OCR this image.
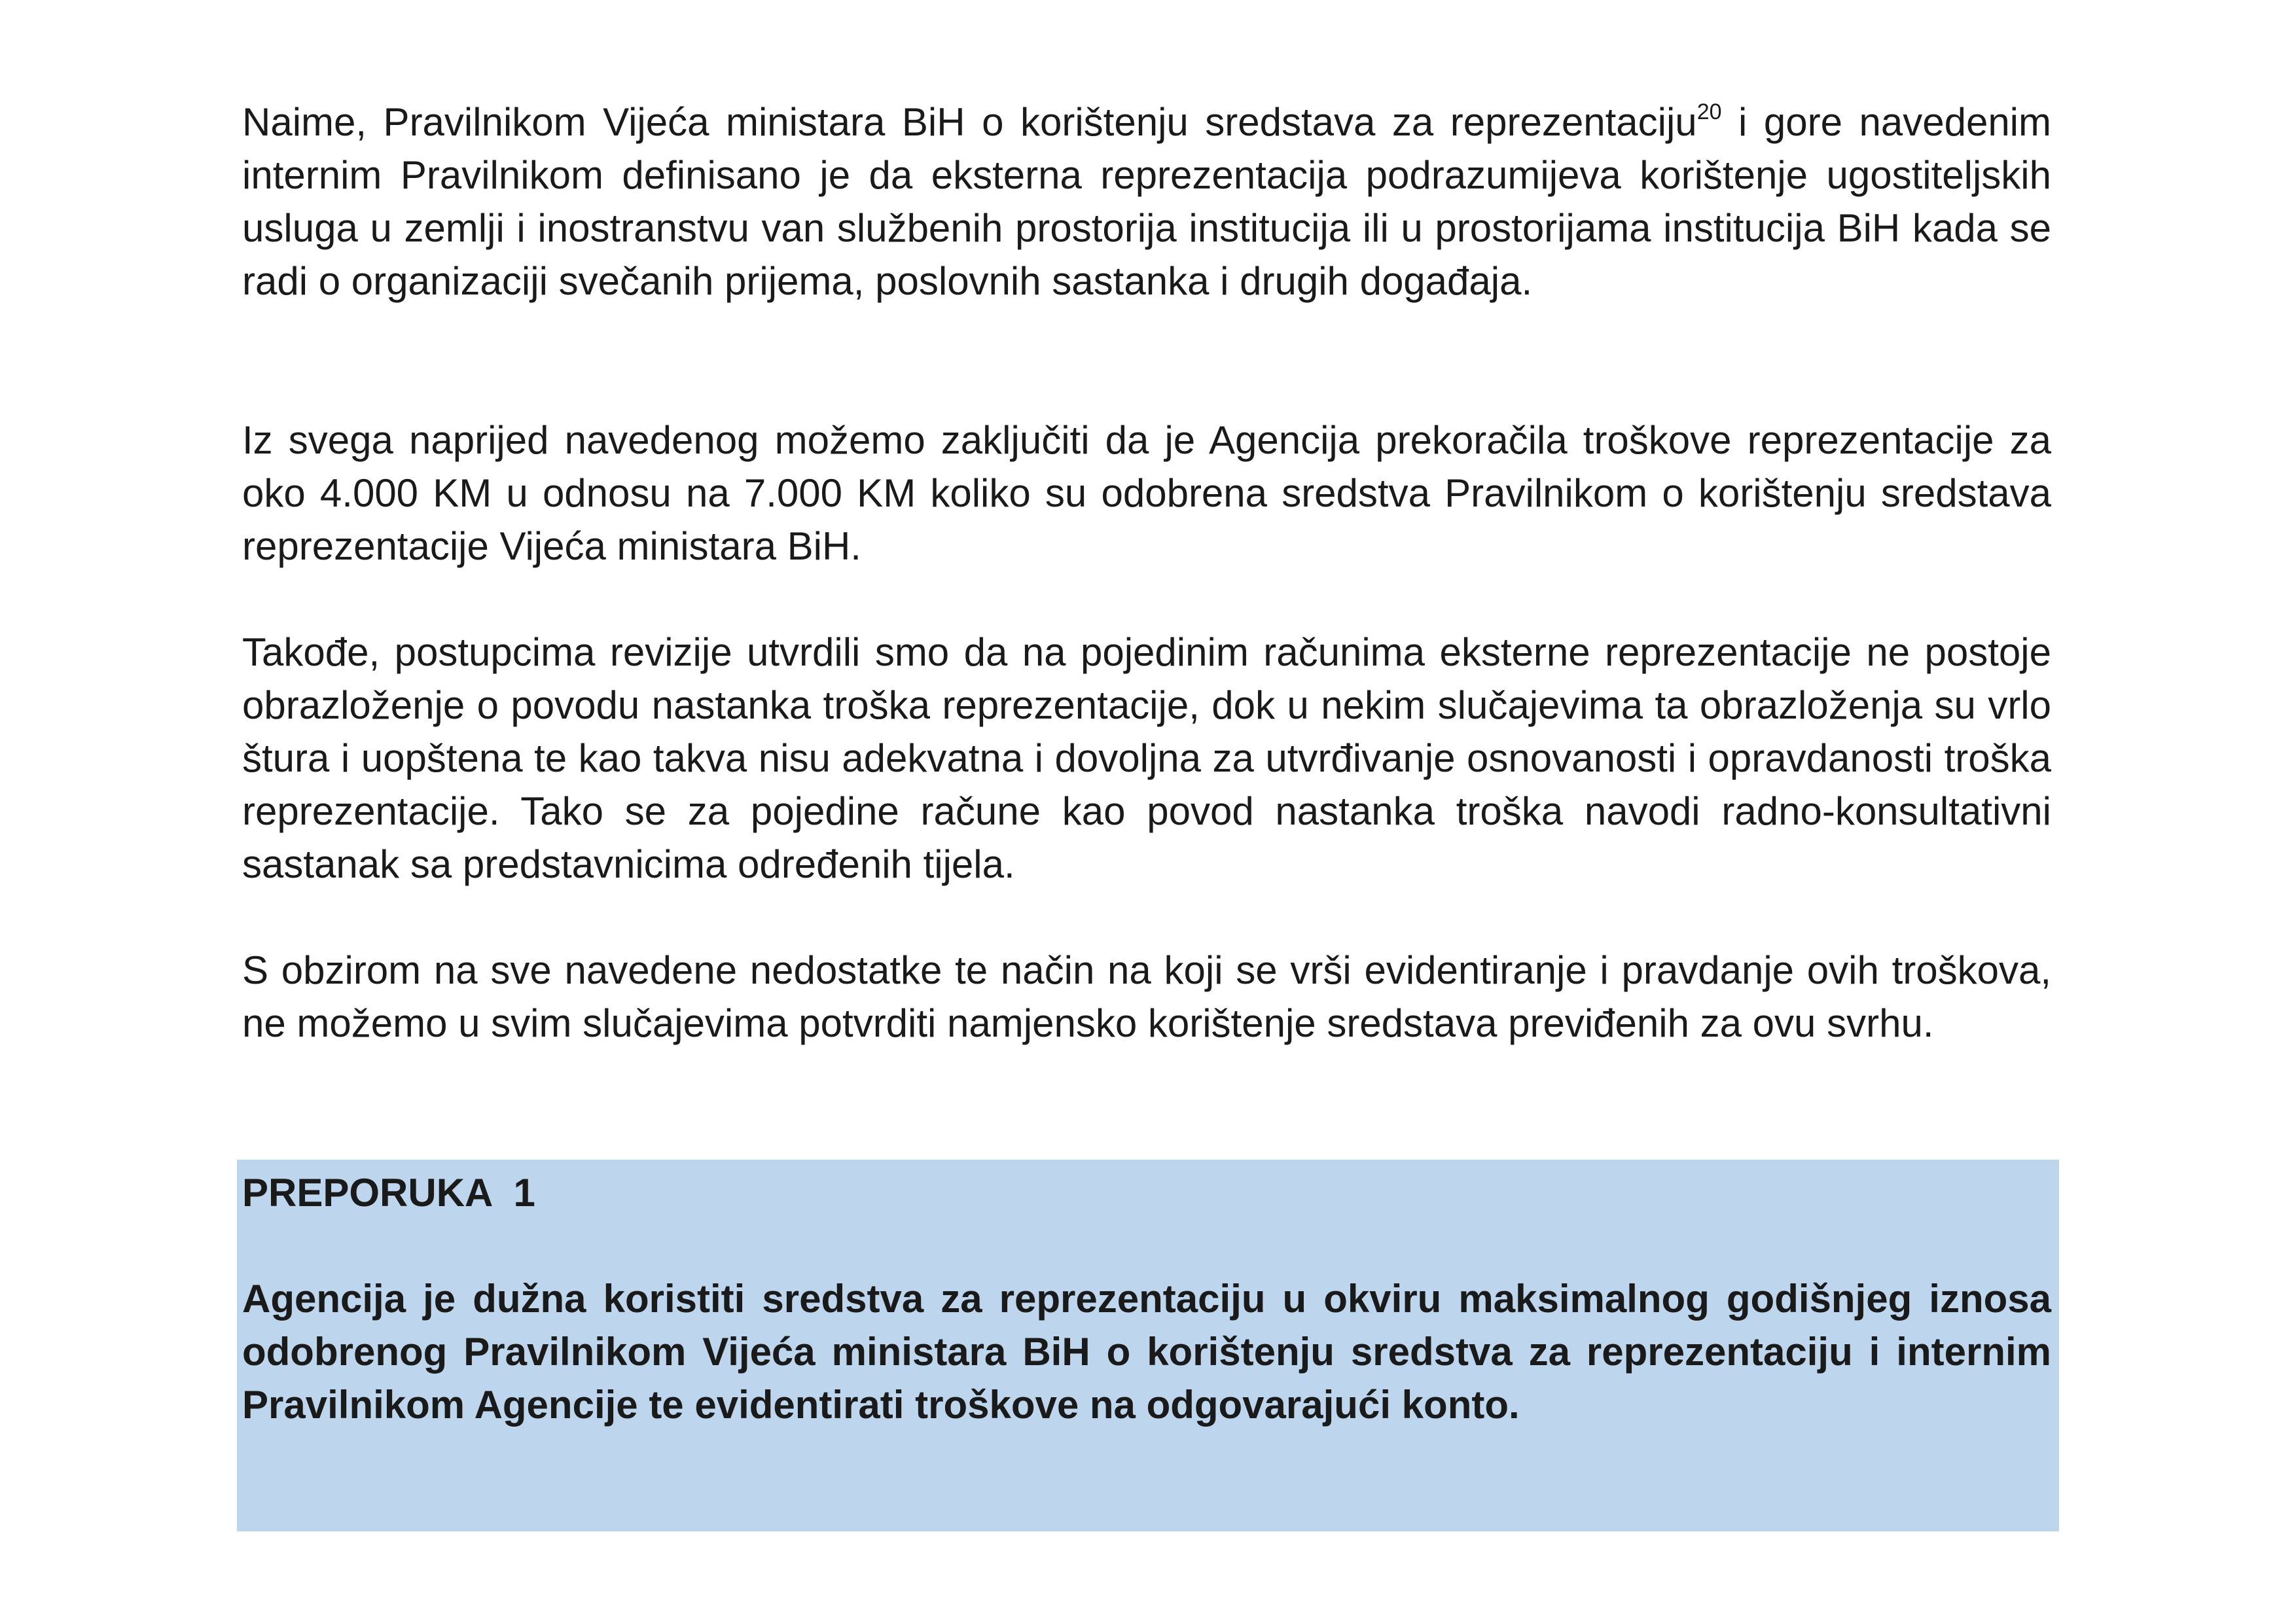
Naime, Pravilnikom Vijeća ministara BiH o korištenju sredstava za reprezentaciju$^{20}$ i gore navedenim internim Pravilnikom definisano je da eksterna reprezentacija podrazumijeva korištenje ugostiteljskih usluga u zemlji i inostranstvu van službenih prostorija institucija ili u prostorijama institucija BiH kada se radi o organizaciji svečanih prijema, poslovnih sastanka i drugih događaja.

Iz svega naprijed navedenog možemo zaključiti da je Agencija prekoračila troškove reprezentacije za oko 4.000 KM u odnosu na 7.000 KM koliko su odobrena sredstva Pravilnikom o korištenju sredstava reprezentacije Vijeća ministara BiH.

Takođe, postupcima revizije utvrdili smo da na pojedinim računima eksterne reprezentacije ne postoje obrazloženje o povodu nastanka troška reprezentacije, dok u nekim slučajevima ta obrazloženja su vrlo štura i uopštena te kao takva nisu adekvatna i dovoljna za utvrđivanje osnovanosti i opravdanosti troška reprezentacije. Tako se za pojedine račune kao povod nastanka troška navodi radno-konsultativni sastanak sa predstavnicima određenih tijela.

S obzirom na sve navedene nedostatke te način na koji se vrši evidentiranje i pravdanje ovih troškova, ne možemo u svim slučajevima potvrditi namjensko korištenje sredstava previđenih za ovu svrhu.

PREPORUKA  1

Agencija je dužna koristiti sredstva za reprezentaciju u okviru maksimalnog godišnjeg iznosa odobrenog Pravilnikom Vijeća ministara BiH o korištenju sredstva za reprezentaciju i internim Pravilnikom Agencije te evidentirati troškove na odgovarajući konto.
